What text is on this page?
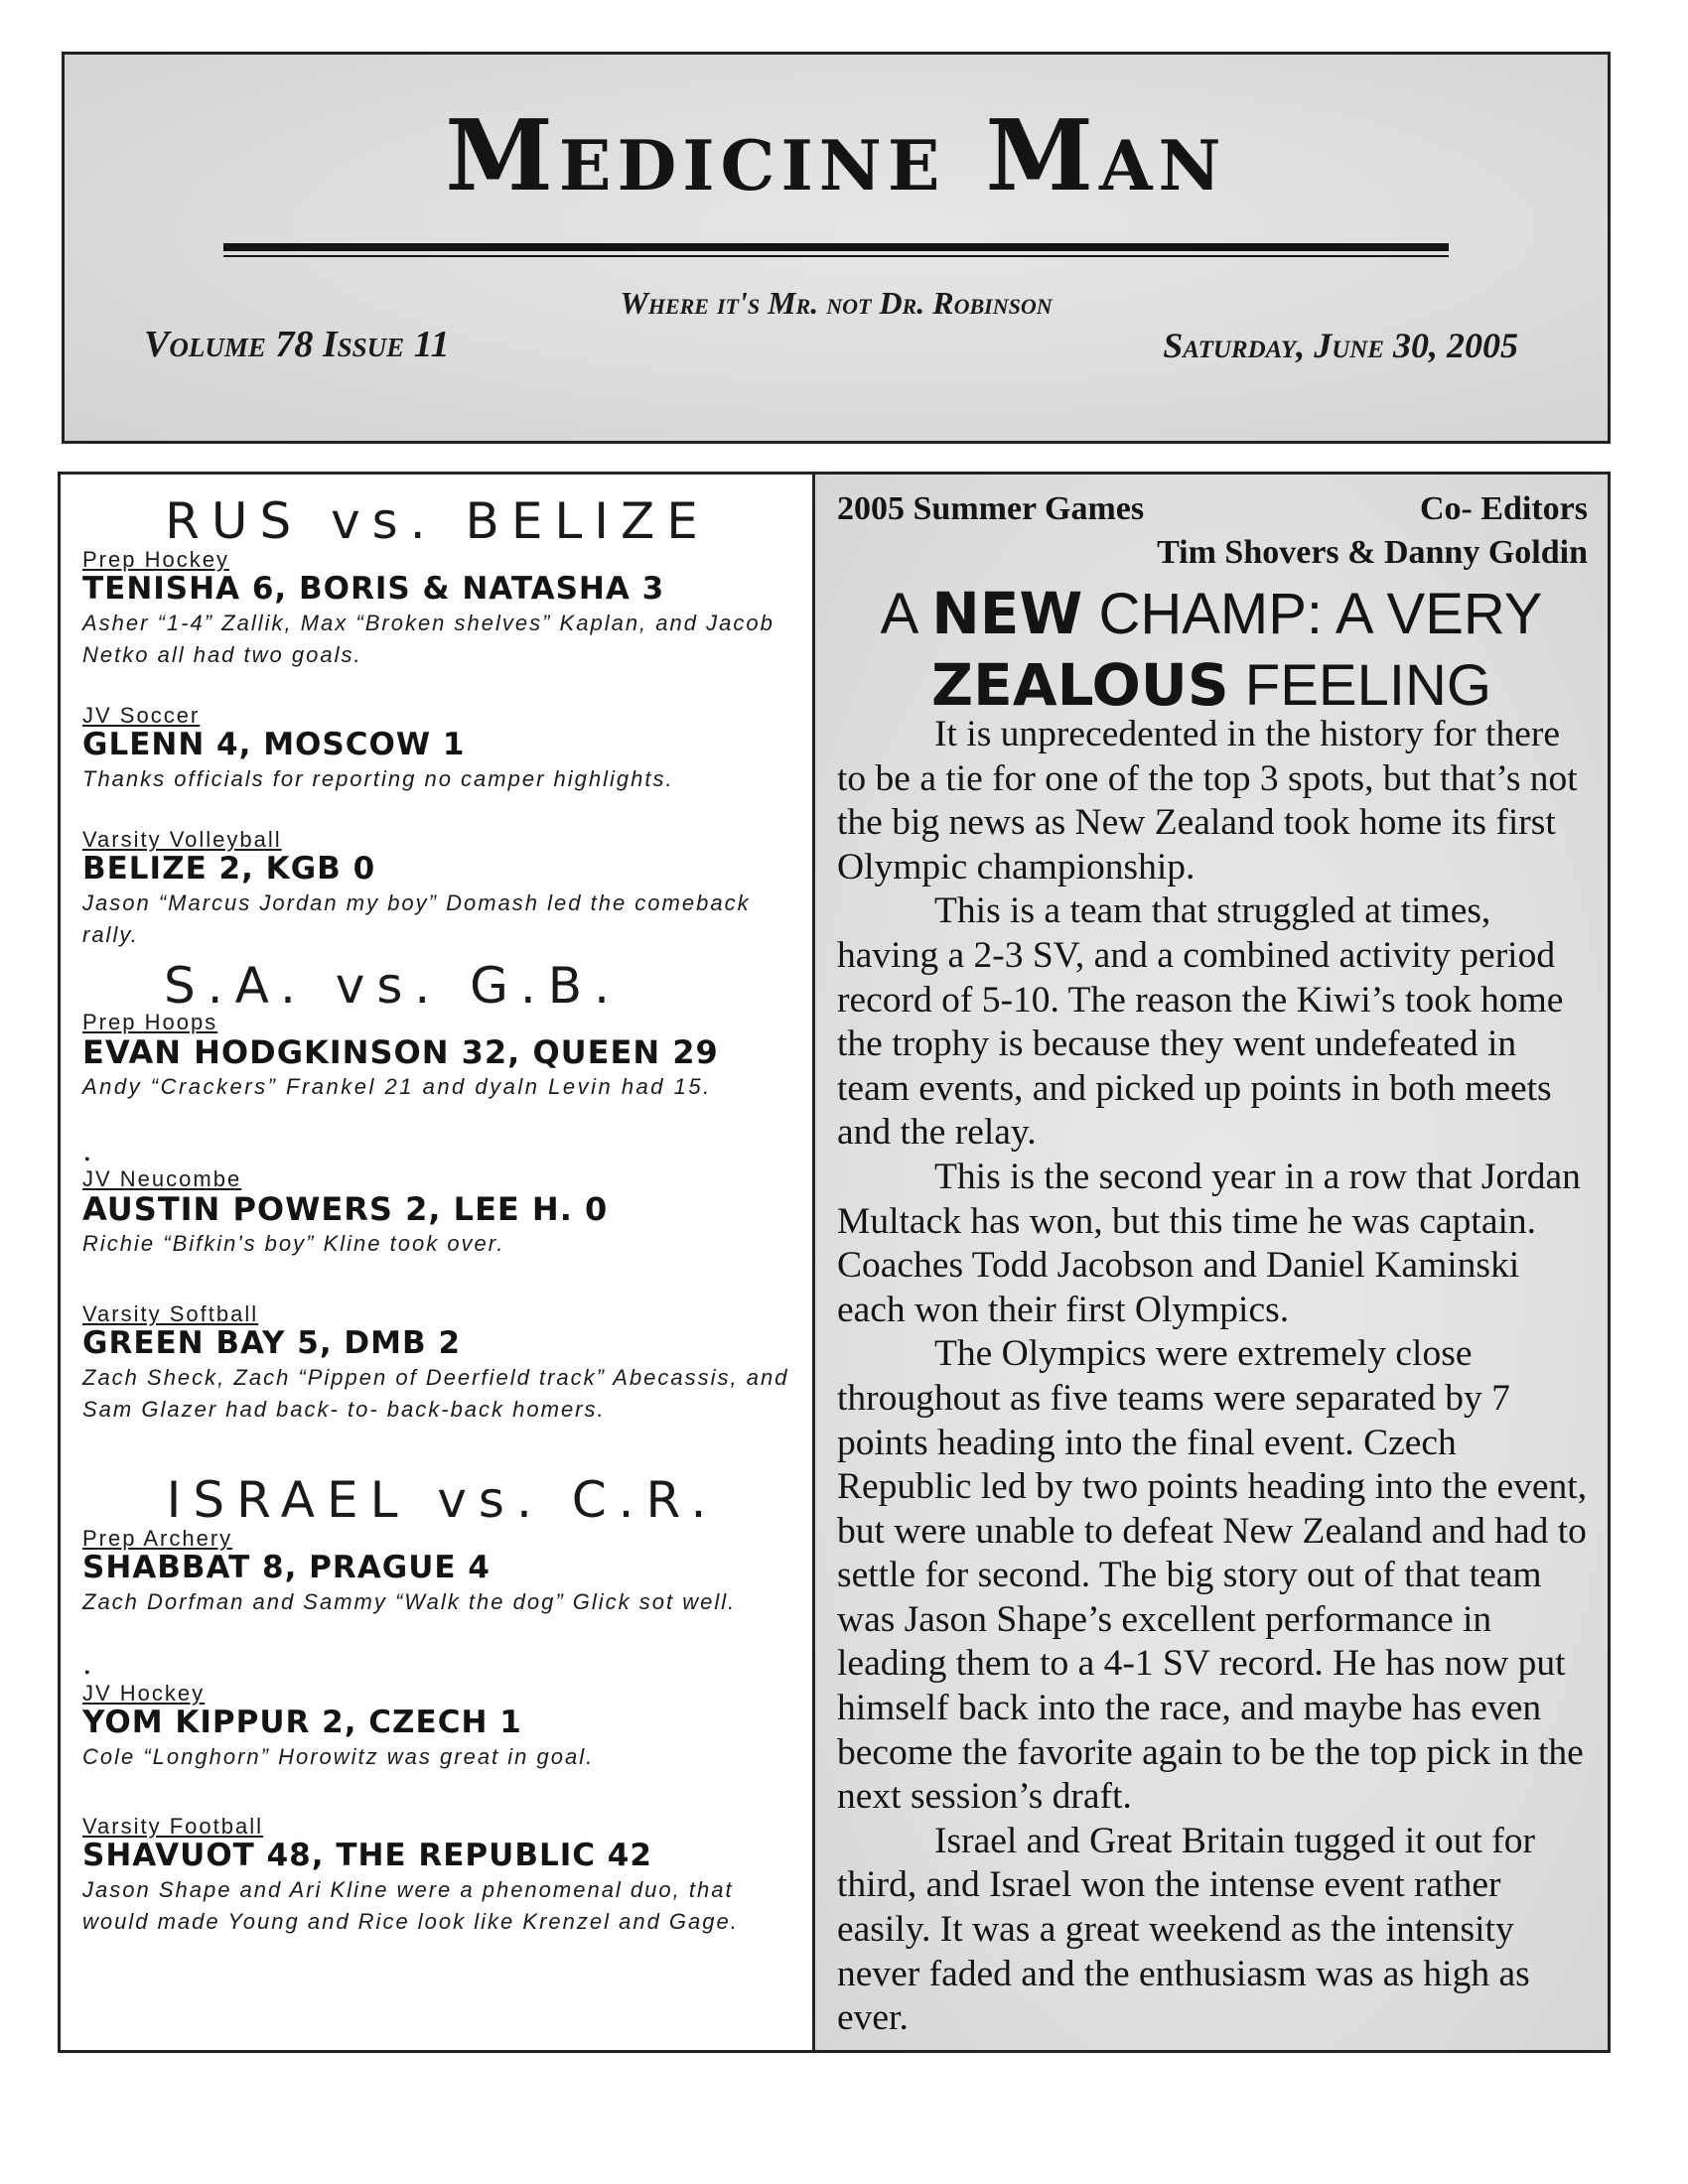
Medicine Man
Where it's Mr. not Dr. Robinson
Volume 78 Issue 11	Saturday, June 30, 2005
RUS vs. BELIZE

Prep Hockey

TENISHA 6, BORIS & NATASHA 3

Asher “1-4” Zallik, Max “Broken shelves” Kaplan, and Jacob Netko all had two goals.

JV Soccer

GLENN 4, MOSCOW 1

Thanks officials for reporting no camper highlights.

Varsity Volleyball

BELIZE 2, KGB 0

Jason “Marcus Jordan my boy” Domash led the comeback rally.

S.A. vs. G.B.

Prep Hoops

EVAN HODGKINSON 32, QUEEN 29

Andy “Crackers” Frankel 21 and dyaln Levin had 15.

•

JV Neucombe

AUSTIN POWERS 2, LEE H. 0

Richie “Bifkin's boy” Kline took over.

Varsity Softball

GREEN BAY 5, DMB 2

Zach Sheck, Zach “Pippen of Deerfield track” Abecassis, and Sam Glazer had back- to- back-back homers.

ISRAEL vs. C.R.

Prep Archery

SHABBAT 8, PRAGUE 4

Zach Dorfman and Sammy “Walk the dog” Glick sot well.

•

JV Hockey

YOM KIPPUR 2, CZECH 1

Cole “Longhorn” Horowitz was great in goal.

Varsity Football

SHAVUOT 48, THE REPUBLIC 42

Jason Shape and Ari Kline were a phenomenal duo, that would made Young and Rice look like Krenzel and Gage.

2005 Summer Games	Co- Editors
Tim Shovers & Danny Goldin
A NEW CHAMP: A VERY
ZEALOUS FEELING

It is unprecedented in the history for there to be a tie for one of the top 3 spots, but that’s not the big news as New Zealand took home its first Olympic championship.

This is a team that struggled at times, having a 2-3 SV, and a combined activity period record of 5-10. The reason the Kiwi’s took home the trophy is because they went undefeated in team events, and picked up points in both meets and the relay.

This is the second year in a row that Jordan Multack has won, but this time he was captain. Coaches Todd Jacobson and Daniel Kaminski each won their first Olympics.

The Olympics were extremely close throughout as five teams were separated by 7 points heading into the final event. Czech Republic led by two points heading into the event, but were unable to defeat New Zealand and had to settle for second. The big story out of that team was Jason Shape’s excellent performance in leading them to a 4-1 SV record. He has now put himself back into the race, and maybe has even become the favorite again to be the top pick in the next session’s draft.

Israel and Great Britain tugged it out for third, and Israel won the intense event rather easily. It was a great weekend as the intensity never faded and the enthusiasm was as high as ever.
